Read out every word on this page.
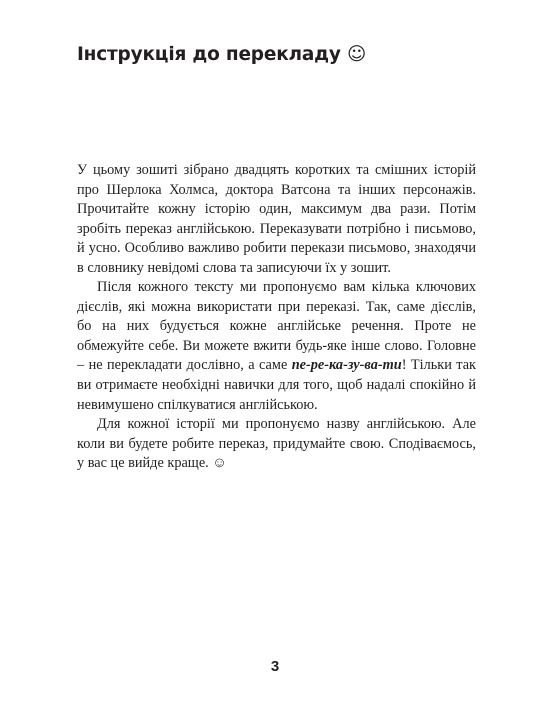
Інструкція до перекладу ☺

У цьому зошиті зібрано двадцять коротких та смішних історій про Шерлока Холмса, доктора Ватсона та інших персонажів. Прочитайте кожну історію один, максимум два рази. Потім зробіть переказ англійською. Переказувати потрібно і письмово, й усно. Особливо важливо робити перекази письмово, знаходячи в словнику невідомі слова та записуючи їх у зошит.

Після кожного тексту ми пропонуємо вам кілька ключових дієслів, які можна використати при переказі. Так, саме дієслів, бо на них будується кожне англійське речення. Проте не обмежуйте себе. Ви можете вжити будь-яке інше слово. Головне – не перекладати дослівно, а саме пе-ре-ка-зу-ва-ти! Тільки так ви отримаєте необхідні навички для того, щоб надалі спокійно й невимушено спілкуватися англійською.

Для кожної історії ми пропонуємо назву англійською. Але коли ви будете робите переказ, придумайте свою. Сподіваємось, у вас це вийде краще. ☺

3
